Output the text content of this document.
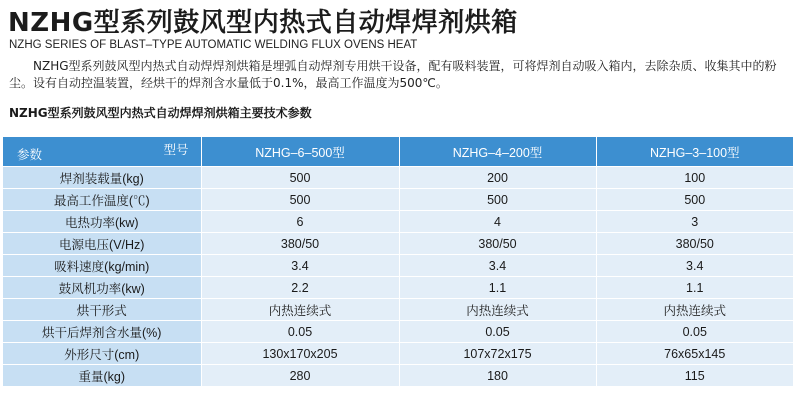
NZHG型系列鼓风型内热式自动焊焊剂烘箱
NZHG SERIES OF BLAST–TYPE AUTOMATIC WELDING FLUX OVENS HEAT
NZHG型系列鼓风型内热式自动焊焊剂烘箱是埋弧自动焊剂专用烘干设备，配有吸料装置，可将焊剂自动吸入箱内，去除杂质、收集其中的粉尘。设有自动控温装置，经烘干的焊剂含水量低于0.1%，最高工作温度为500℃。
NZHG型系列鼓风型内热式自动焊焊剂烘箱主要技术参数
型号
参数	NZHG–6–500型	NZHG–4–200型	NZHG–3–100型
焊剂装载量(kg)	500	200	100
最高工作温度(℃)	500	500	500
电热功率(kw)	6	4	3
电源电压(V/Hz)	380/50	380/50	380/50
吸料速度(kg/min)	3.4	3.4	3.4
鼓风机功率(kw)	2.2	1.1	1.1
烘干形式	内热连续式	内热连续式	内热连续式
烘干后焊剂含水量(%)	0.05	0.05	0.05
外形尺寸(cm)	130x170x205	107x72x175	76x65x145
重量(kg)	280	180	115
